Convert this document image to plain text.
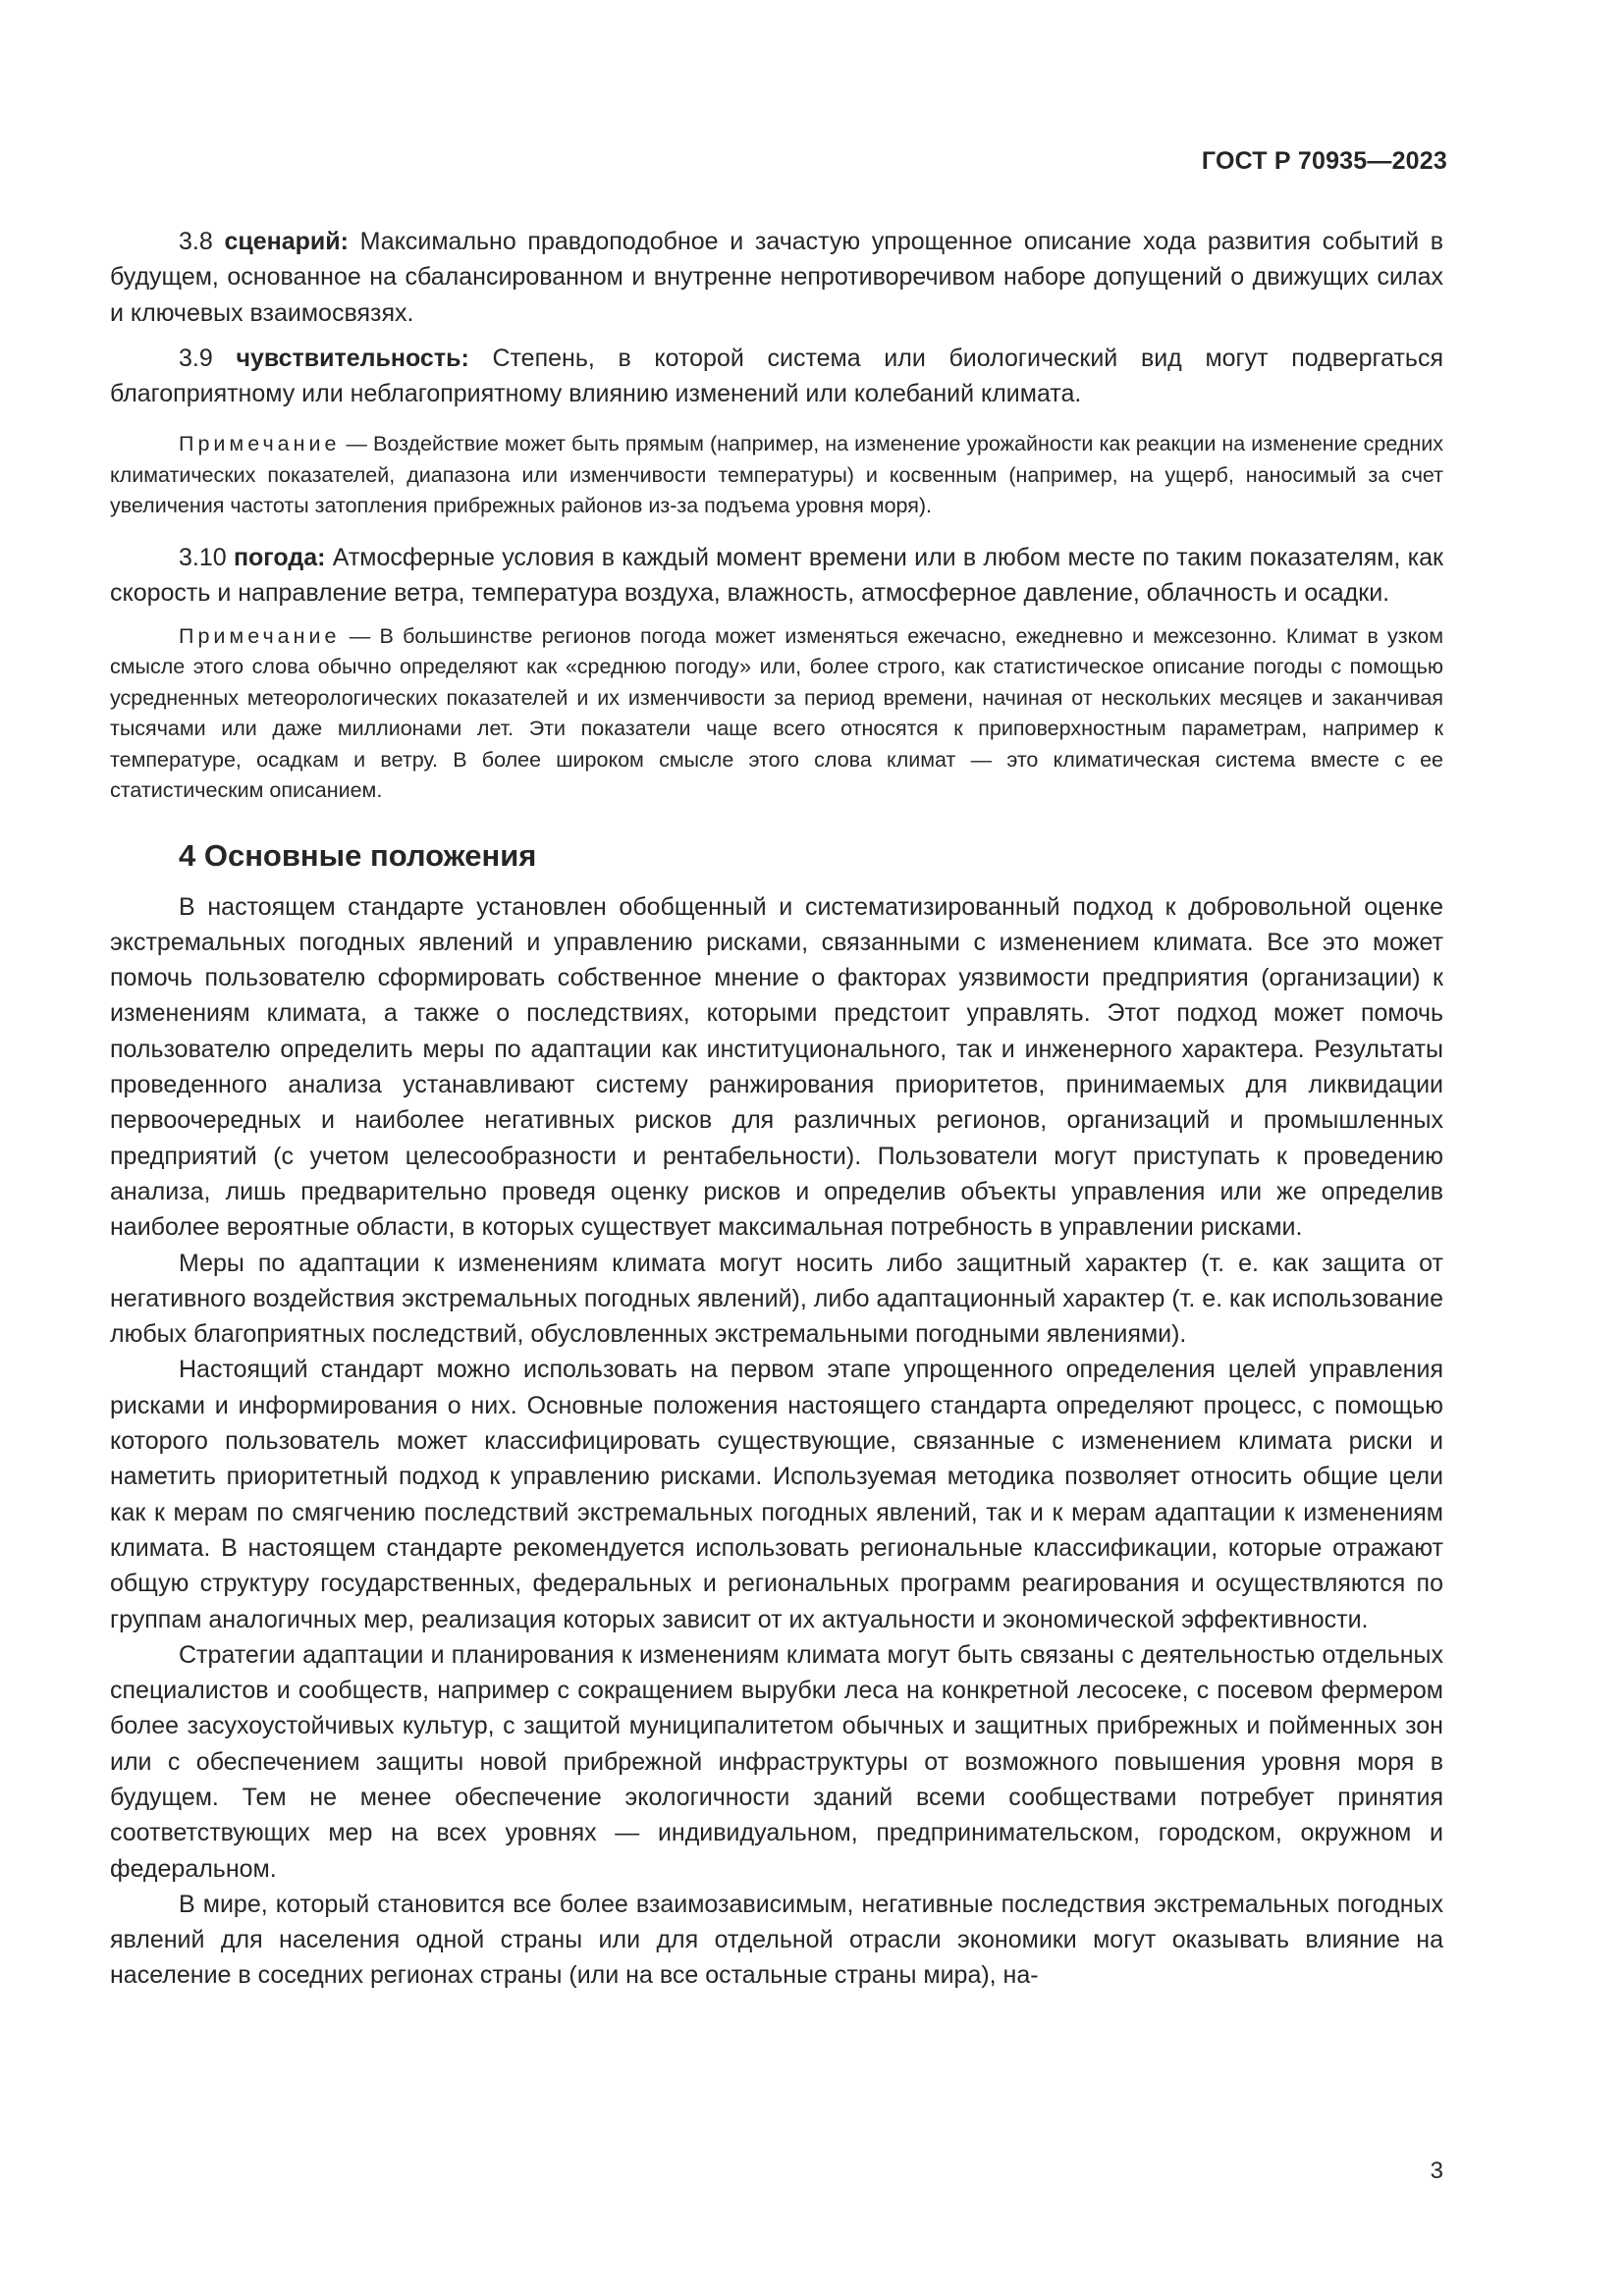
ГОСТ Р 70935—2023

3.8 сценарий: Максимально правдоподобное и зачастую упрощенное описание хода развития событий в будущем, основанное на сбалансированном и внутренне непротиворечивом наборе допущений о движущих силах и ключевых взаимосвязях.

3.9 чувствительность: Степень, в которой система или биологический вид могут подвергаться благоприятному или неблагоприятному влиянию изменений или колебаний климата.

Примечание — Воздействие может быть прямым (например, на изменение урожайности как реакции на изменение средних климатических показателей, диапазона или изменчивости температуры) и косвенным (например, на ущерб, наносимый за счет увеличения частоты затопления прибрежных районов из-за подъема уровня моря).

3.10 погода: Атмосферные условия в каждый момент времени или в любом месте по таким показателям, как скорость и направление ветра, температура воздуха, влажность, атмосферное давление, облачность и осадки.

Примечание — В большинстве регионов погода может изменяться ежечасно, ежедневно и межсезонно. Климат в узком смысле этого слова обычно определяют как «среднюю погоду» или, более строго, как статистическое описание погоды с помощью усредненных метеорологических показателей и их изменчивости за период времени, начиная от нескольких месяцев и заканчивая тысячами или даже миллионами лет. Эти показатели чаще всего относятся к приповерхностным параметрам, например к температуре, осадкам и ветру. В более широком смысле этого слова климат — это климатическая система вместе с ее статистическим описанием.

4 Основные положения

В настоящем стандарте установлен обобщенный и систематизированный подход к добровольной оценке экстремальных погодных явлений и управлению рисками, связанными с изменением климата. Все это может помочь пользователю сформировать собственное мнение о факторах уязвимости предприятия (организации) к изменениям климата, а также о последствиях, которыми предстоит управлять. Этот подход может помочь пользователю определить меры по адаптации как институционального, так и инженерного характера. Результаты проведенного анализа устанавливают систему ранжирования приоритетов, принимаемых для ликвидации первоочередных и наиболее негативных рисков для различных регионов, организаций и промышленных предприятий (с учетом целесообразности и рентабельности). Пользователи могут приступать к проведению анализа, лишь предварительно проведя оценку рисков и определив объекты управления или же определив наиболее вероятные области, в которых существует максимальная потребность в управлении рисками.

Меры по адаптации к изменениям климата могут носить либо защитный характер (т. е. как защита от негативного воздействия экстремальных погодных явлений), либо адаптационный характер (т. е. как использование любых благоприятных последствий, обусловленных экстремальными погодными явлениями).

Настоящий стандарт можно использовать на первом этапе упрощенного определения целей управления рисками и информирования о них. Основные положения настоящего стандарта определяют процесс, с помощью которого пользователь может классифицировать существующие, связанные с изменением климата риски и наметить приоритетный подход к управлению рисками. Используемая методика позволяет относить общие цели как к мерам по смягчению последствий экстремальных погодных явлений, так и к мерам адаптации к изменениям климата. В настоящем стандарте рекомендуется использовать региональные классификации, которые отражают общую структуру государственных, федеральных и региональных программ реагирования и осуществляются по группам аналогичных мер, реализация которых зависит от их актуальности и экономической эффективности.

Стратегии адаптации и планирования к изменениям климата могут быть связаны с деятельностью отдельных специалистов и сообществ, например с сокращением вырубки леса на конкретной лесосеке, с посевом фермером более засухоустойчивых культур, с защитой муниципалитетом обычных и защитных прибрежных и пойменных зон или с обеспечением защиты новой прибрежной инфраструктуры от возможного повышения уровня моря в будущем. Тем не менее обеспечение экологичности зданий всеми сообществами потребует принятия соответствующих мер на всех уровнях — индивидуальном, предпринимательском, городском, окружном и федеральном.

В мире, который становится все более взаимозависимым, негативные последствия экстремальных погодных явлений для населения одной страны или для отдельной отрасли экономики могут оказывать влияние на население в соседних регионах страны (или на все остальные страны мира), на-

3
